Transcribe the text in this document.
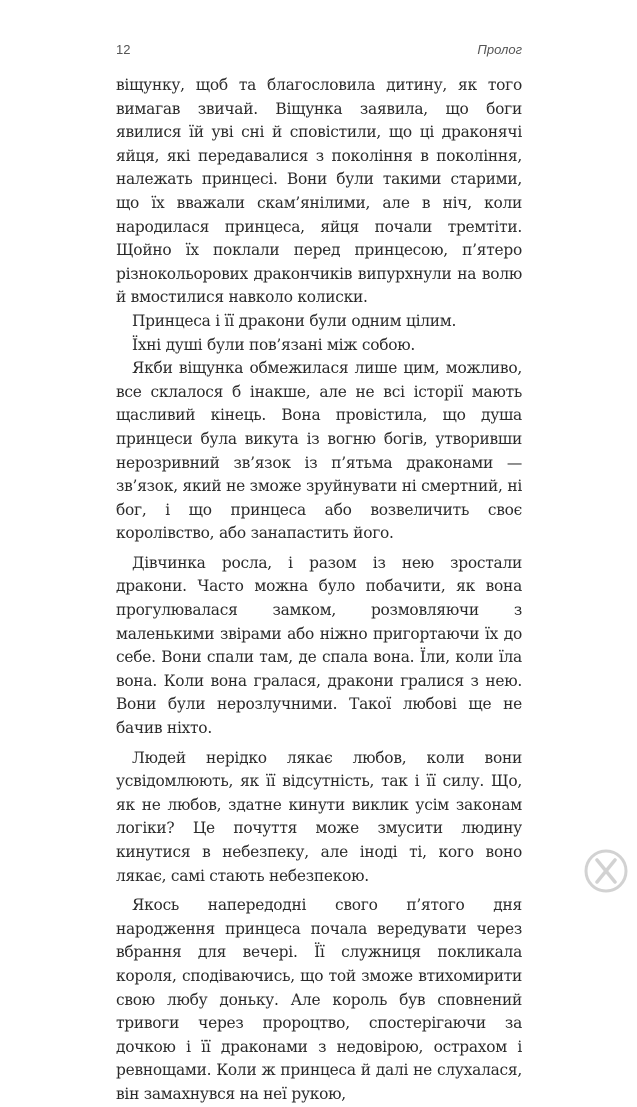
12	Пролог

віщунку, щоб та благословила дитину, як того вимагав звичай. Віщунка заявила, що боги явилися їй уві сні й сповістили, що ці драконячі яйця, які передавалися з покоління в покоління, належать принцесі. Вони були такими старими, що їх вважали скам’янілими, але в ніч, коли народилася принцеса, яйця почали тремтіти. Щойно їх поклали перед принцесою, п’ятеро різнокольорових дракончиків випурхнули на волю й вмостилися навколо колиски.

Принцеса і її дракони були одним цілим.

Їхні душі були пов’язані між собою.

Якби віщунка обмежилася лише цим, можливо, все склалося б інакше, але не всі історії мають щасливий кінець. Вона провістила, що душа принцеси була викута із вогню богів, утворивши нерозривний зв’язок із п’ятьма драконами — зв’язок, який не зможе зруйнувати ні смертний, ні бог, і що принцеса або возвеличить своє королівство, або занапастить його.

Дівчинка росла, і разом із нею зростали дракони. Часто можна було побачити, як вона прогулювалася замком, розмовляючи з маленькими звірами або ніжно пригортаючи їх до себе. Вони спали там, де спала вона. Їли, коли їла вона. Коли вона гралася, дракони гралися з нею. Вони були нерозлучними. Такої любові ще не бачив ніхто.

Людей нерідко лякає любов, коли вони усвідомлюють, як її відсутність, так і її силу. Що, як не любов, здатне кинути виклик усім законам логіки? Це почуття може змусити людину кинутися в небезпеку, але іноді ті, кого воно лякає, самі стають небезпекою.

Якось напередодні свого п’ятого дня народження принцеса почала вередувати через вбрання для вечері. Її служниця покликала короля, сподіваючись, що той зможе втихомирити свою любу доньку. Але король був сповнений тривоги через пророцтво, спостерігаючи за дочкою і її драконами з недовірою, острахом і ревнощами. Коли ж принцеса й далі не слухалася, він замахнувся на неї рукою,
